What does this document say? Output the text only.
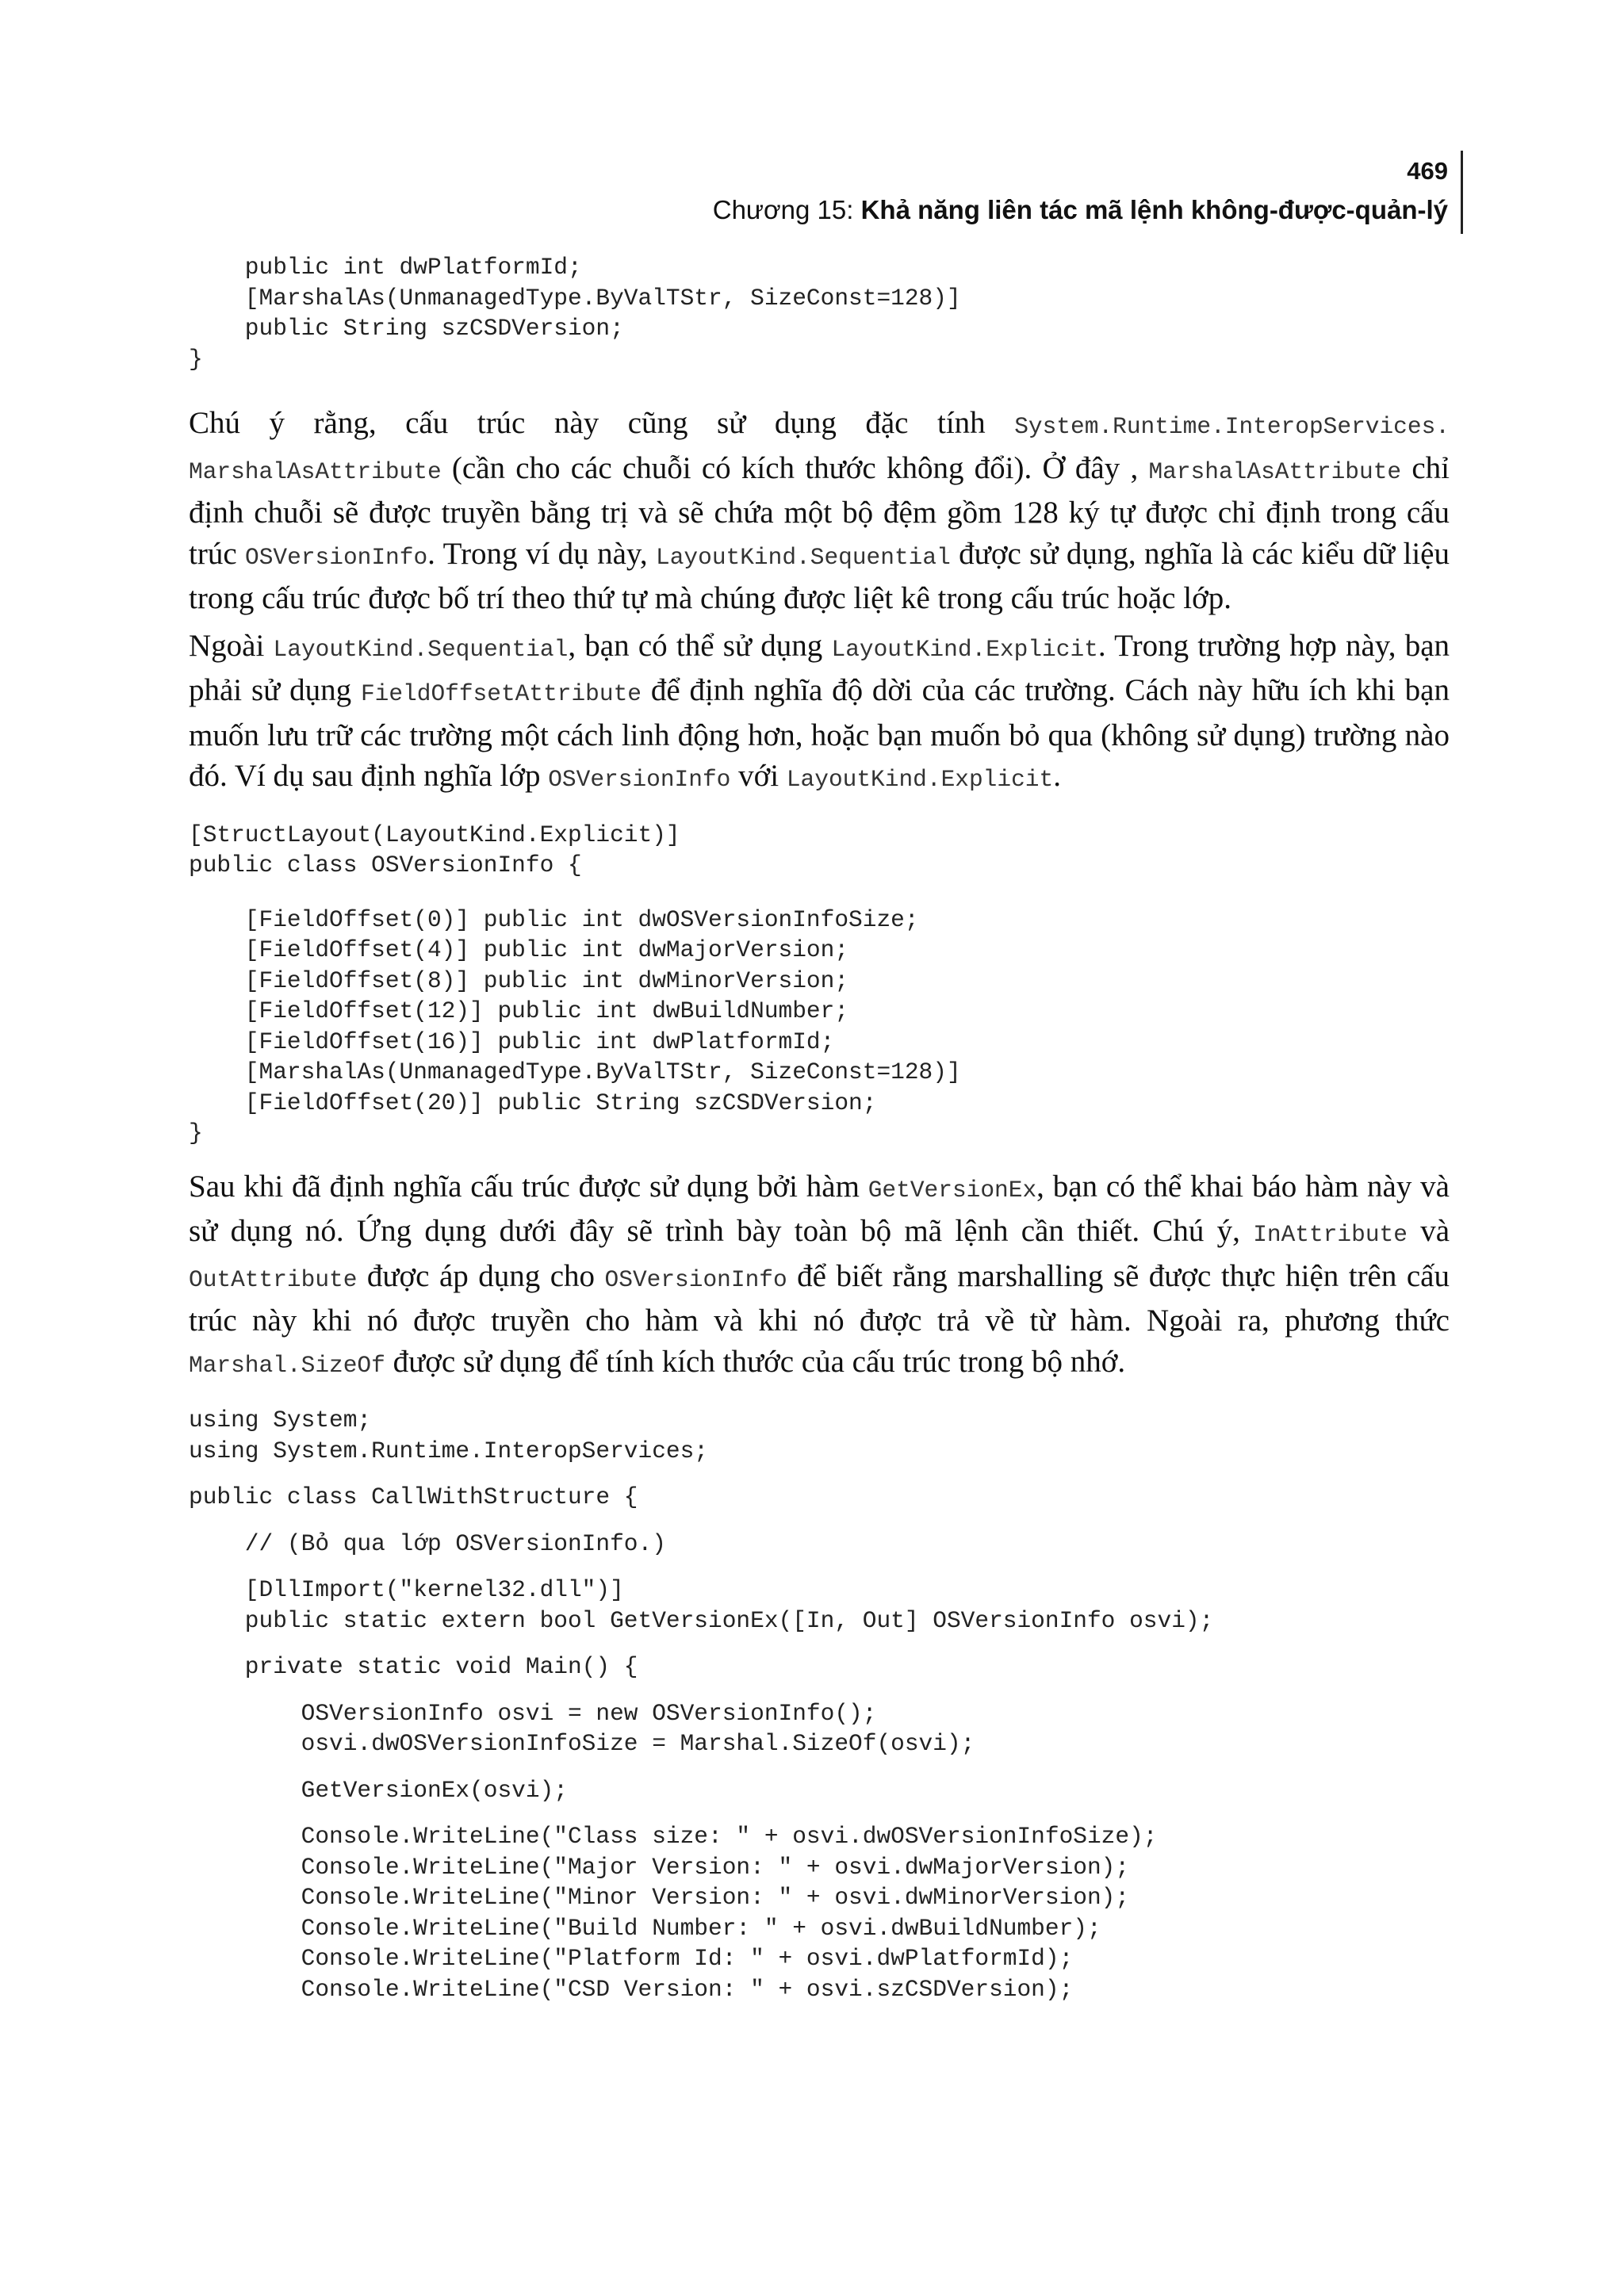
469
Chương 15: Khả năng liên tác mã lệnh không-được-quản-lý
public int dwPlatformId;
[MarshalAs(UnmanagedType.ByValTStr, SizeConst=128)]
public String szCSDVersion;
}

Chú ý rằng, cấu trúc này cũng sử dụng đặc tính System.Runtime.InteropServices. MarshalAsAttribute (cần cho các chuỗi có kích thước không đổi). Ở đây , MarshalAsAttribute chỉ định chuỗi sẽ được truyền bằng trị và sẽ chứa một bộ đệm gồm 128 ký tự được chỉ định trong cấu trúc OSVersionInfo. Trong ví dụ này, LayoutKind.Sequential được sử dụng, nghĩa là các kiểu dữ liệu trong cấu trúc được bố trí theo thứ tự mà chúng được liệt kê trong cấu trúc hoặc lớp.

Ngoài LayoutKind.Sequential, bạn có thể sử dụng LayoutKind.Explicit. Trong trường hợp này, bạn phải sử dụng FieldOffsetAttribute để định nghĩa độ dời của các trường. Cách này hữu ích khi bạn muốn lưu trữ các trường một cách linh động hơn, hoặc bạn muốn bỏ qua (không sử dụng) trường nào đó. Ví dụ sau định nghĩa lớp OSVersionInfo với LayoutKind.Explicit.

[StructLayout(LayoutKind.Explicit)]
public class OSVersionInfo {
[FieldOffset(0)] public int dwOSVersionInfoSize;
[FieldOffset(4)] public int dwMajorVersion;
[FieldOffset(8)] public int dwMinorVersion;
[FieldOffset(12)] public int dwBuildNumber;
[FieldOffset(16)] public int dwPlatformId;
[MarshalAs(UnmanagedType.ByValTStr, SizeConst=128)]
[FieldOffset(20)] public String szCSDVersion;
}

Sau khi đã định nghĩa cấu trúc được sử dụng bởi hàm GetVersionEx, bạn có thể khai báo hàm này và sử dụng nó. Ứng dụng dưới đây sẽ trình bày toàn bộ mã lệnh cần thiết. Chú ý, InAttribute và OutAttribute được áp dụng cho OSVersionInfo để biết rằng marshalling sẽ được thực hiện trên cấu trúc này khi nó được truyền cho hàm và khi nó được trả về từ hàm. Ngoài ra, phương thức Marshal.SizeOf được sử dụng để tính kích thước của cấu trúc trong bộ nhớ.

using System;
using System.Runtime.InteropServices;
public class CallWithStructure {
// (Bỏ qua lớp OSVersionInfo.)
[DllImport("kernel32.dll")]
public static extern bool GetVersionEx([In, Out] OSVersionInfo osvi);
private static void Main() {
OSVersionInfo osvi = new OSVersionInfo();
osvi.dwOSVersionInfoSize = Marshal.SizeOf(osvi);
GetVersionEx(osvi);
Console.WriteLine("Class size: " + osvi.dwOSVersionInfoSize);
Console.WriteLine("Major Version: " + osvi.dwMajorVersion);
Console.WriteLine("Minor Version: " + osvi.dwMinorVersion);
Console.WriteLine("Build Number: " + osvi.dwBuildNumber);
Console.WriteLine("Platform Id: " + osvi.dwPlatformId);
Console.WriteLine("CSD Version: " + osvi.szCSDVersion);
